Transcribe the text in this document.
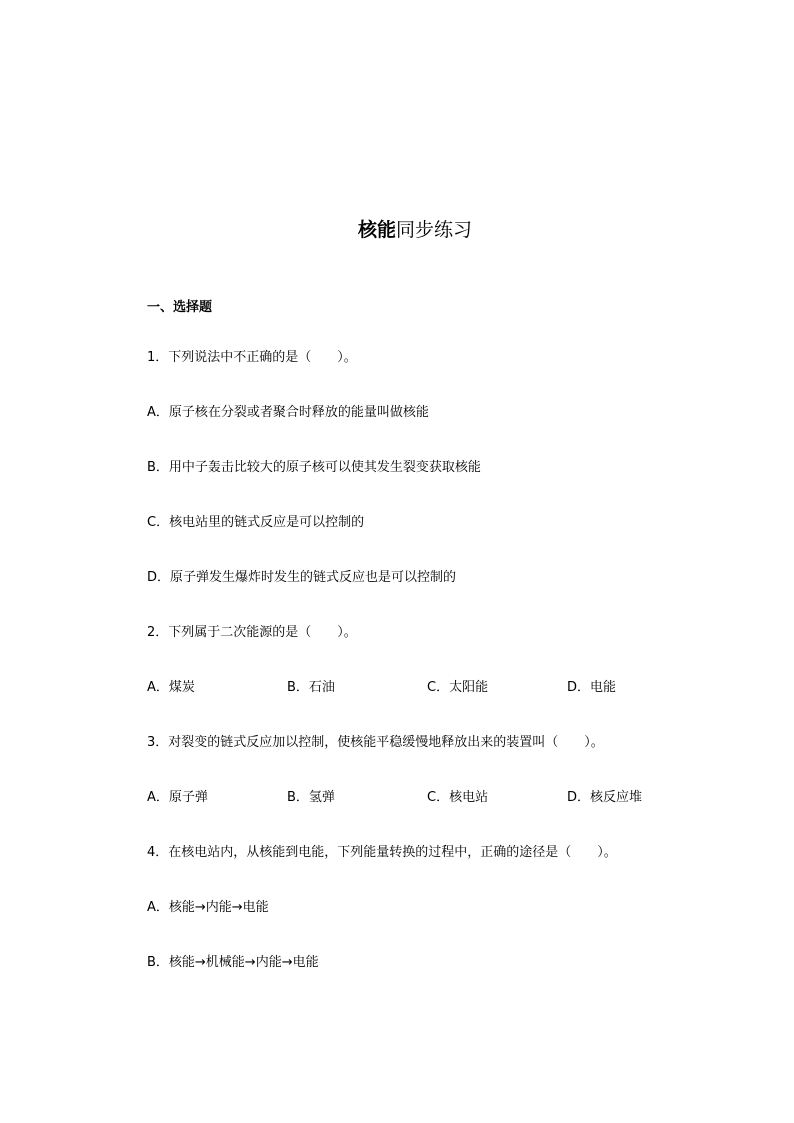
核能同步练习
一、选择题
1．下列说法中不正确的是（　　）。
A．原子核在分裂或者聚合时释放的能量叫做核能
B．用中子轰击比较大的原子核可以使其发生裂变获取核能
C．核电站里的链式反应是可以控制的
D．原子弹发生爆炸时发生的链式反应也是可以控制的
2．下列属于二次能源的是（　　）。
A．煤炭	B．石油	C．太阳能	D．电能
3．对裂变的链式反应加以控制，使核能平稳缓慢地释放出来的装置叫（　　）。
A．原子弹	B．氢弹	C．核电站	D．核反应堆
4．在核电站内，从核能到电能，下列能量转换的过程中，正确的途径是（　　）。
A．核能→内能→电能
B．核能→机械能→内能→电能
